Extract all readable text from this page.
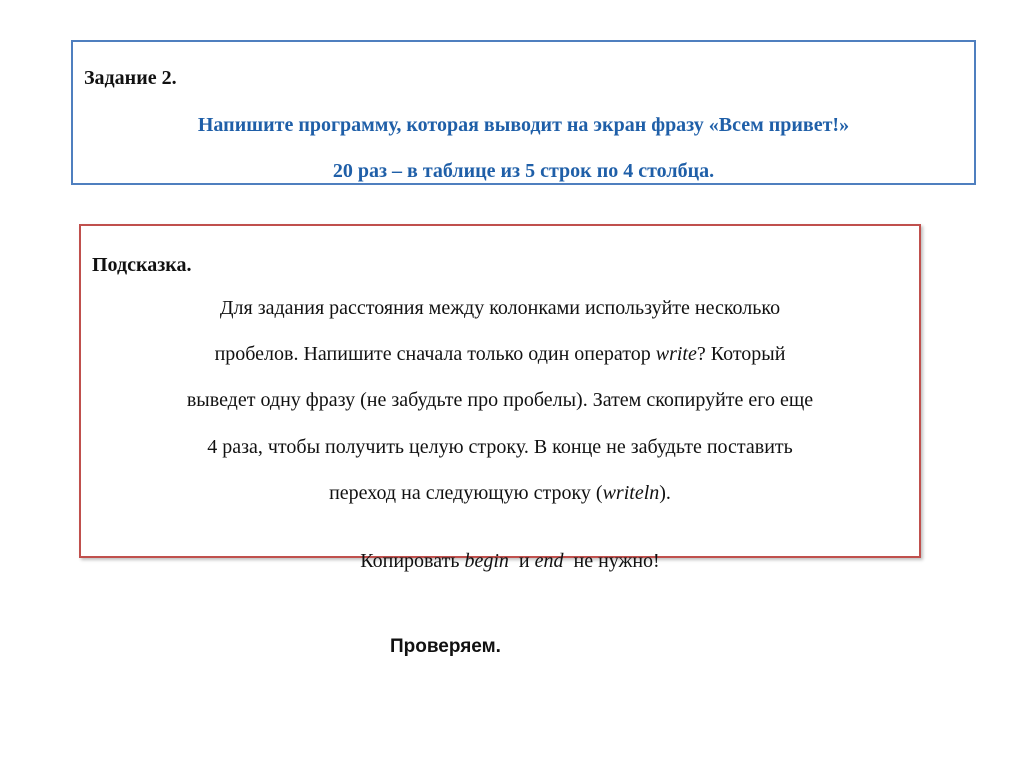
Задание 2.
Напишите программу, которая выводит на экран фразу «Всем привет!»
20 раз – в таблице из 5 строк по 4 столбца.
Подсказка.
Для задания расстояния между колонками используйте несколько
пробелов. Напишите сначала только один оператор write? Который
выведет одну фразу (не забудьте про пробелы). Затем скопируйте его еще
4 раза, чтобы получить целую строку. В конце не забудьте поставить
переход на следующую строку (writeln).

Копировать begin  и end  не нужно!

Проверяем.
